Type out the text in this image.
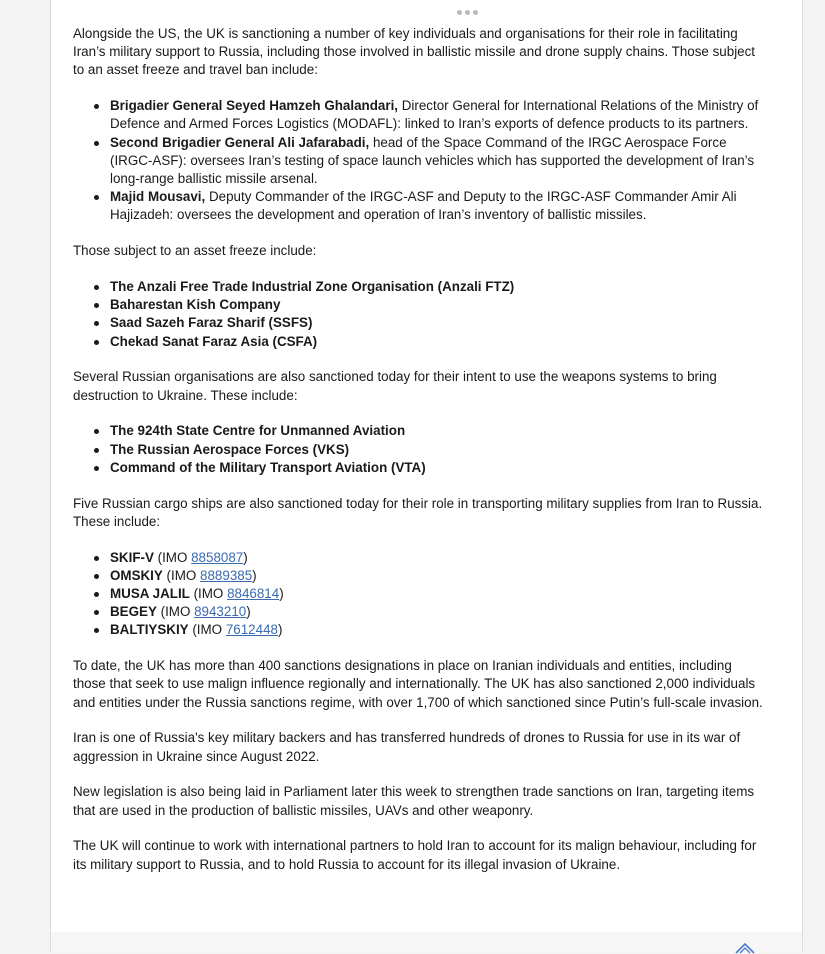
Alongside the US, the UK is sanctioning a number of key individuals and organisations for their role in facilitating Iran’s military support to Russia, including those involved in ballistic missile and drone supply chains. Those subject to an asset freeze and travel ban include:

Brigadier General Seyed Hamzeh Ghalandari, Director General for International Relations of the Ministry of Defence and Armed Forces Logistics (MODAFL): linked to Iran’s exports of defence products to its partners.
Second Brigadier General Ali Jafarabadi, head of the Space Command of the IRGC Aerospace Force (IRGC-ASF): oversees Iran’s testing of space launch vehicles which has supported the development of Iran’s long-range ballistic missile arsenal.
Majid Mousavi, Deputy Commander of the IRGC-ASF and Deputy to the IRGC-ASF Commander Amir Ali Hajizadeh: oversees the development and operation of Iran’s inventory of ballistic missiles.

Those subject to an asset freeze include:

The Anzali Free Trade Industrial Zone Organisation (Anzali FTZ)
Baharestan Kish Company
Saad Sazeh Faraz Sharif (SSFS)
Chekad Sanat Faraz Asia (CSFA)

Several Russian organisations are also sanctioned today for their intent to use the weapons systems to bring destruction to Ukraine. These include:

The 924th State Centre for Unmanned Aviation
The Russian Aerospace Forces (VKS)
Command of the Military Transport Aviation (VTA)

Five Russian cargo ships are also sanctioned today for their role in transporting military supplies from Iran to Russia. These include:

SKIF-V (IMO 8858087)
OMSKIY (IMO 8889385)
MUSA JALIL (IMO 8846814)
BEGEY (IMO 8943210)
BALTIYSKIY (IMO 7612448)

To date, the UK has more than 400 sanctions designations in place on Iranian individuals and entities, including those that seek to use malign influence regionally and internationally. The UK has also sanctioned 2,000 individuals and entities under the Russia sanctions regime, with over 1,700 of which sanctioned since Putin’s full-scale invasion.

Iran is one of Russia's key military backers and has transferred hundreds of drones to Russia for use in its war of aggression in Ukraine since August 2022.

New legislation is also being laid in Parliament later this week to strengthen trade sanctions on Iran, targeting items that are used in the production of ballistic missiles, UAVs and other weaponry.

The UK will continue to work with international partners to hold Iran to account for its malign behaviour, including for its military support to Russia, and to hold Russia to account for its illegal invasion of Ukraine.
